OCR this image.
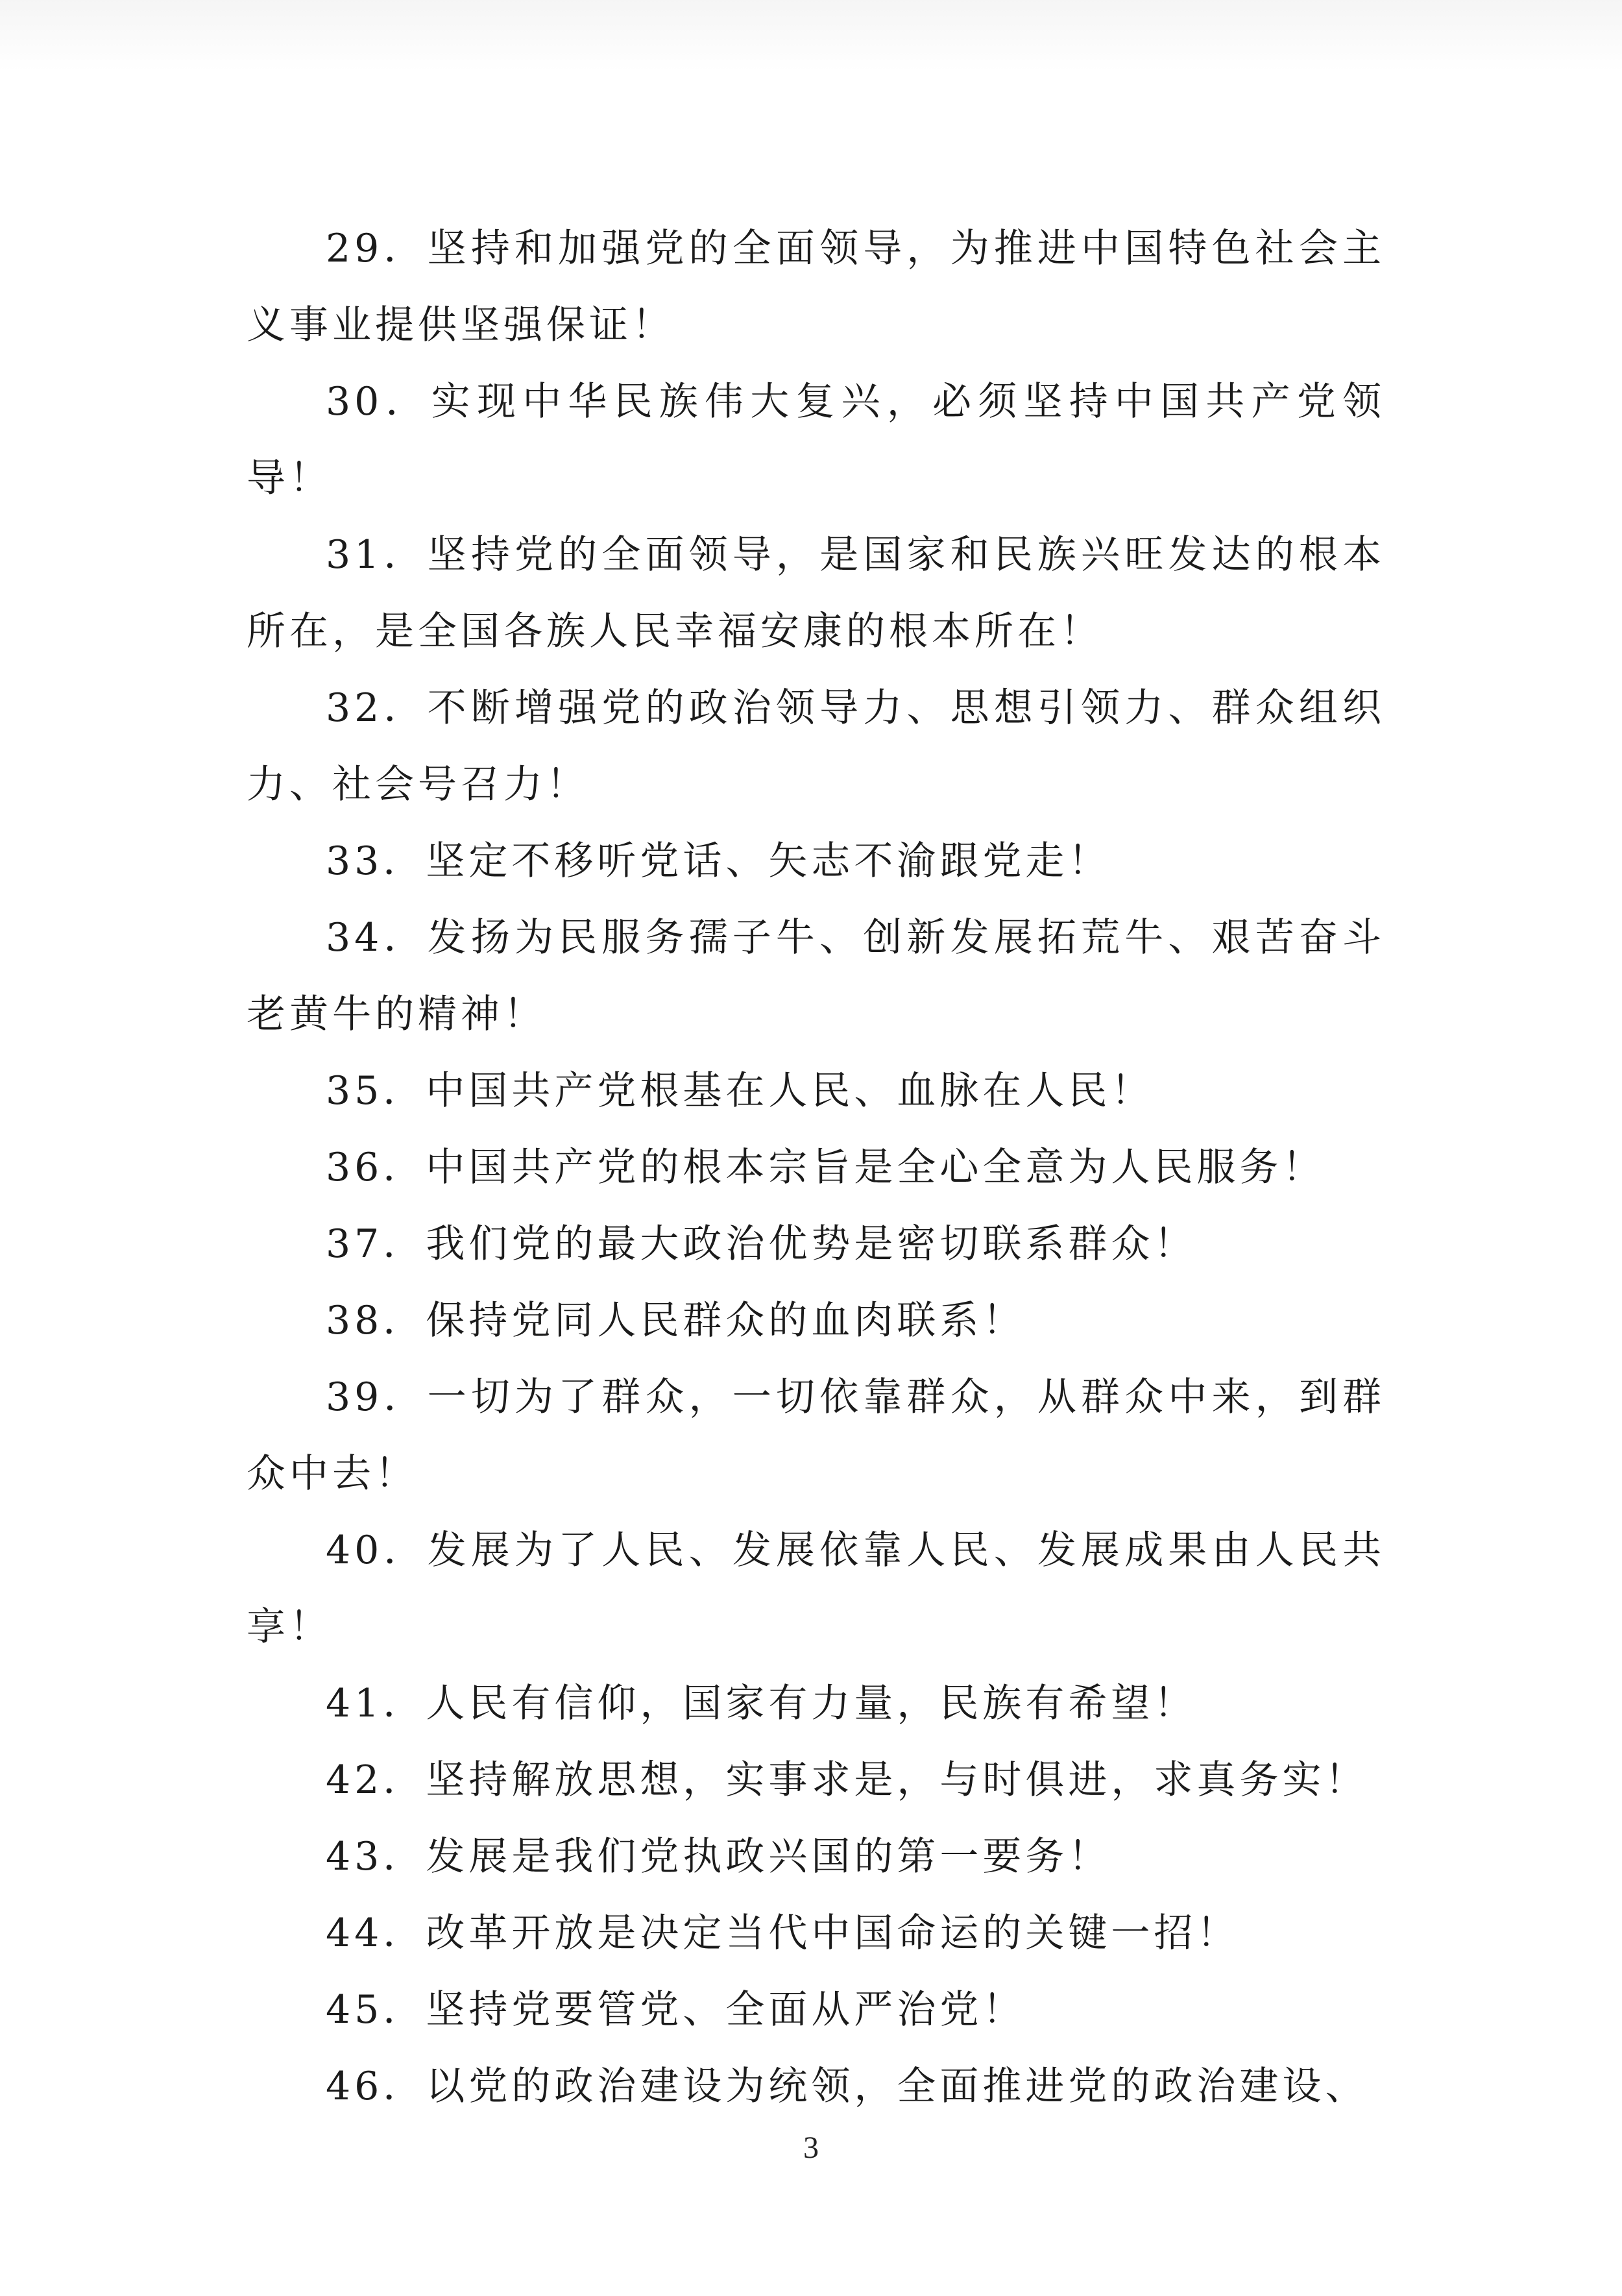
29．坚持和加强党的全面领导，为推进中国特色社会主义事业提供坚强保证！

30．实现中华民族伟大复兴，必须坚持中国共产党领导！

31．坚持党的全面领导，是国家和民族兴旺发达的根本所在，是全国各族人民幸福安康的根本所在！

32．不断增强党的政治领导力、思想引领力、群众组织力、社会号召力！

33．坚定不移听党话、矢志不渝跟党走！

34．发扬为民服务孺子牛、创新发展拓荒牛、艰苦奋斗老黄牛的精神！

35．中国共产党根基在人民、血脉在人民！

36．中国共产党的根本宗旨是全心全意为人民服务！

37．我们党的最大政治优势是密切联系群众！

38．保持党同人民群众的血肉联系！

39．一切为了群众，一切依靠群众，从群众中来，到群众中去！

40．发展为了人民、发展依靠人民、发展成果由人民共享！

41．人民有信仰，国家有力量，民族有希望！

42．坚持解放思想，实事求是，与时俱进，求真务实！

43．发展是我们党执政兴国的第一要务！

44．改革开放是决定当代中国命运的关键一招！

45．坚持党要管党、全面从严治党！

46．以党的政治建设为统领，全面推进党的政治建设、

3
